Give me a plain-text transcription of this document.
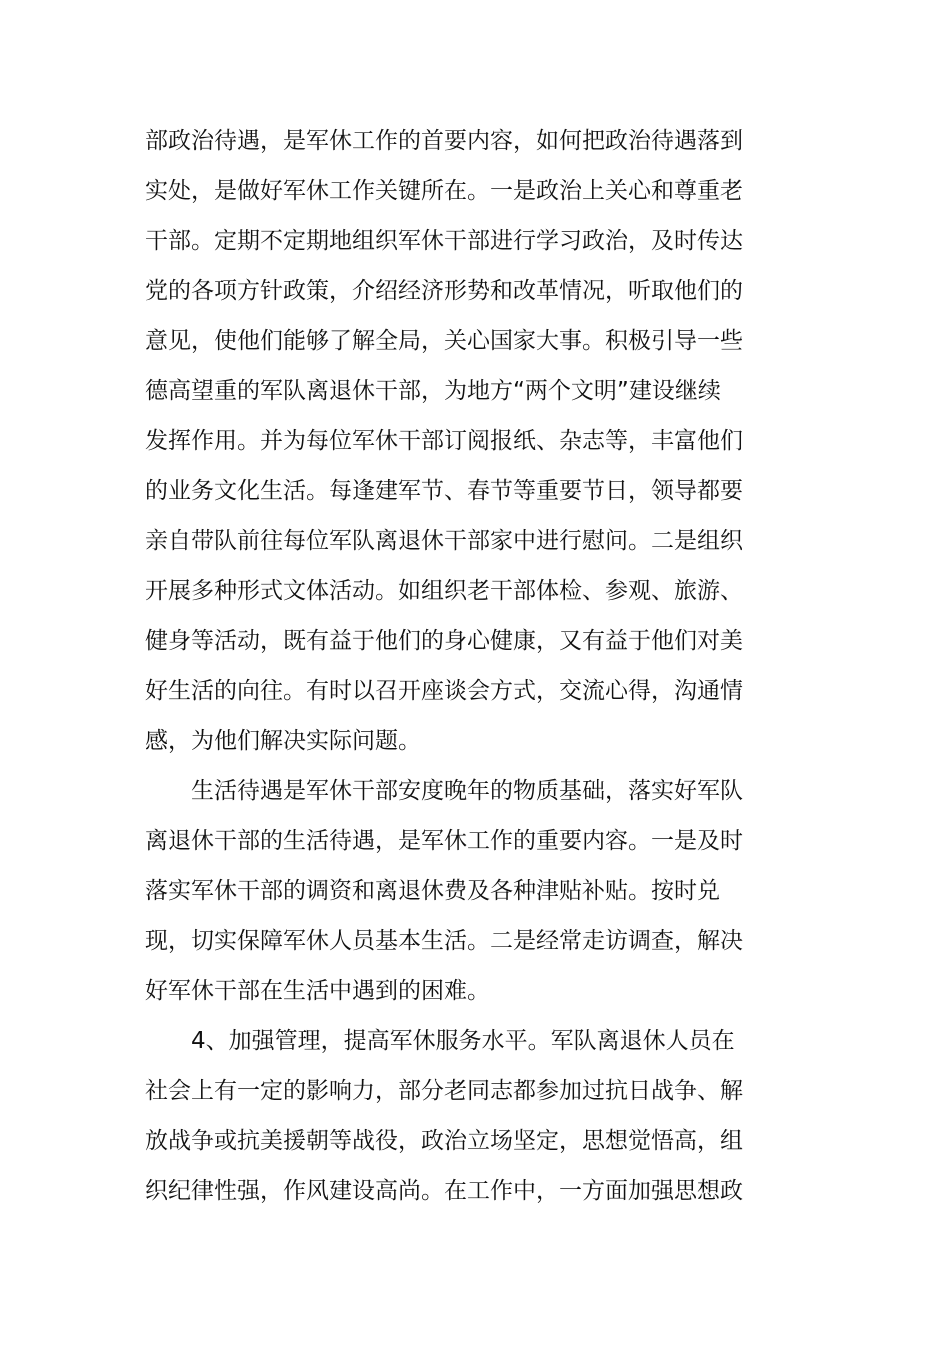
部政治待遇，是军休工作的首要内容，如何把政治待遇落到

实处，是做好军休工作关键所在。一是政治上关心和尊重老

干部。定期不定期地组织军休干部进行学习政治，及时传达

党的各项方针政策，介绍经济形势和改革情况，听取他们的

意见，使他们能够了解全局，关心国家大事。积极引导一些

德高望重的军队离退休干部，为地方“两个文明”建设继续

发挥作用。并为每位军休干部订阅报纸、杂志等，丰富他们

的业务文化生活。每逢建军节、春节等重要节日，领导都要

亲自带队前往每位军队离退休干部家中进行慰问。二是组织

开展多种形式文体活动。如组织老干部体检、参观、旅游、

健身等活动，既有益于他们的身心健康，又有益于他们对美

好生活的向往。有时以召开座谈会方式，交流心得，沟通情

感，为他们解决实际问题。

生活待遇是军休干部安度晚年的物质基础，落实好军队

离退休干部的生活待遇，是军休工作的重要内容。一是及时

落实军休干部的调资和离退休费及各种津贴补贴。按时兑

现，切实保障军休人员基本生活。二是经常走访调查，解决

好军休干部在生活中遇到的困难。

4、加强管理，提高军休服务水平。军队离退休人员在

社会上有一定的影响力，部分老同志都参加过抗日战争、解

放战争或抗美援朝等战役，政治立场坚定，思想觉悟高，组

织纪律性强，作风建设高尚。在工作中，一方面加强思想政
